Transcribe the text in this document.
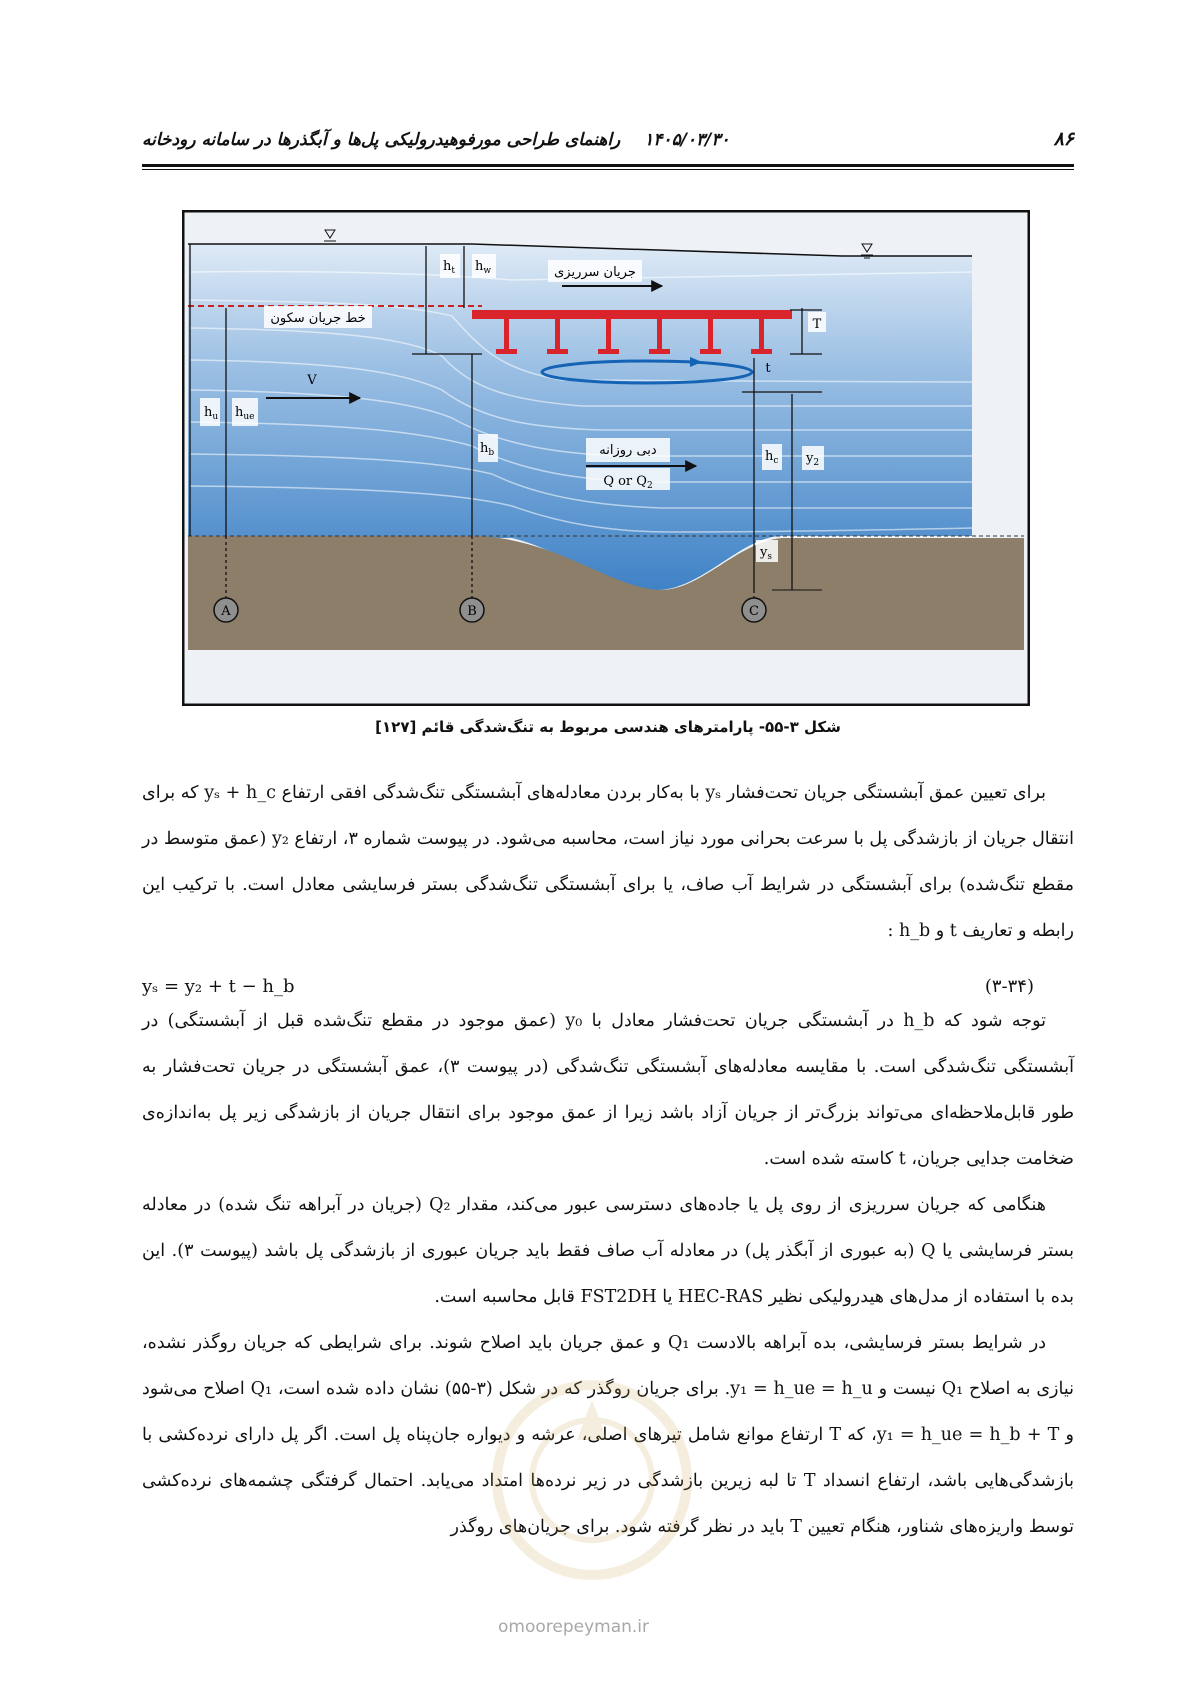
۸۶
۱۴۰۵/۰۳/۳۰ راهنمای طراحی مورفوهیدرولیکی پل‌ها و آبگذرها در سامانه رودخانه
خط جریان سکون
جریان سرریزی
دبی روزانه
Q or $Q_2$
V
T
t
$h_u$ $h_{ue}$
$h_t$ $h_w$
$h_b$	$h_c$ $y_2$
$y_s$
A	B	C
شکل ۳-۵۵- پارامترهای هندسی مربوط به تنگ‌شدگی قائم [۱۲۷]

برای تعیین عمق آبشستگی جریان تحت‌فشار yₛ با به‌کار بردن معادله‌های آبشستگی تنگ‌شدگی افقی ارتفاع yₛ + h_c که برای انتقال جریان از بازشدگی پل با سرعت بحرانی مورد نیاز است، محاسبه می‌شود. در پیوست شماره ۳، ارتفاع y₂ (عمق متوسط در مقطع تنگ‌شده) برای آبشستگی در شرایط آب صاف، یا برای آبشستگی تنگ‌شدگی بستر فرسایشی معادل است. با ترکیب این رابطه و تعاریف t و h_b :

yₛ = y₂ + t − h_b	(۳-۳۴)

توجه شود که h_b در آبشستگی جریان تحت‌فشار معادل با y₀ (عمق موجود در مقطع تنگ‌شده قبل از آبشستگی) در آبشستگی تنگ‌شدگی است. با مقایسه معادله‌های آبشستگی تنگ‌شدگی (در پیوست ۳)، عمق آبشستگی در جریان تحت‌فشار به طور قابل‌ملاحظه‌ای می‌تواند بزرگ‌تر از جریان آزاد باشد زیرا از عمق موجود برای انتقال جریان از بازشدگی زیر پل به‌اندازه‌ی ضخامت جدایی جریان، t کاسته شده است.

هنگامی که جریان سرریزی از روی پل یا جاده‌های دسترسی عبور می‌کند، مقدار Q₂ (جریان در آبراهه تنگ شده) در معادله بستر فرسایشی یا Q (به عبوری از آبگذر پل) در معادله آب صاف فقط باید جریان عبوری از بازشدگی پل باشد (پیوست ۳). این بده با استفاده از مدل‌های هیدرولیکی نظیر HEC-RAS یا FST2DH قابل محاسبه است.

در شرایط بستر فرسایشی، بده آبراهه بالادست Q₁ و عمق جریان باید اصلاح شوند. برای شرایطی که جریان روگذر نشده، نیازی به اصلاح Q₁ نیست و y₁ = h_ue = h_u. برای جریان روگذر که در شکل (۳-۵۵) نشان داده شده است، Q₁ اصلاح می‌شود و y₁ = h_ue = h_b + T، که T ارتفاع موانع شامل تیرهای اصلی، عرشه و دیواره جان‌پناه پل است. اگر پل دارای نرده‌کشی با بازشدگی‌هایی باشد، ارتفاع انسداد T تا لبه زیرین بازشدگی در زیر نرده‌ها امتداد می‌یابد. احتمال گرفتگی چشمه‌های نرده‌کشی توسط واریزه‌های شناور، هنگام تعیین T باید در نظر گرفته شود. برای جریان‌های روگذر

omoorepeyman.ir
